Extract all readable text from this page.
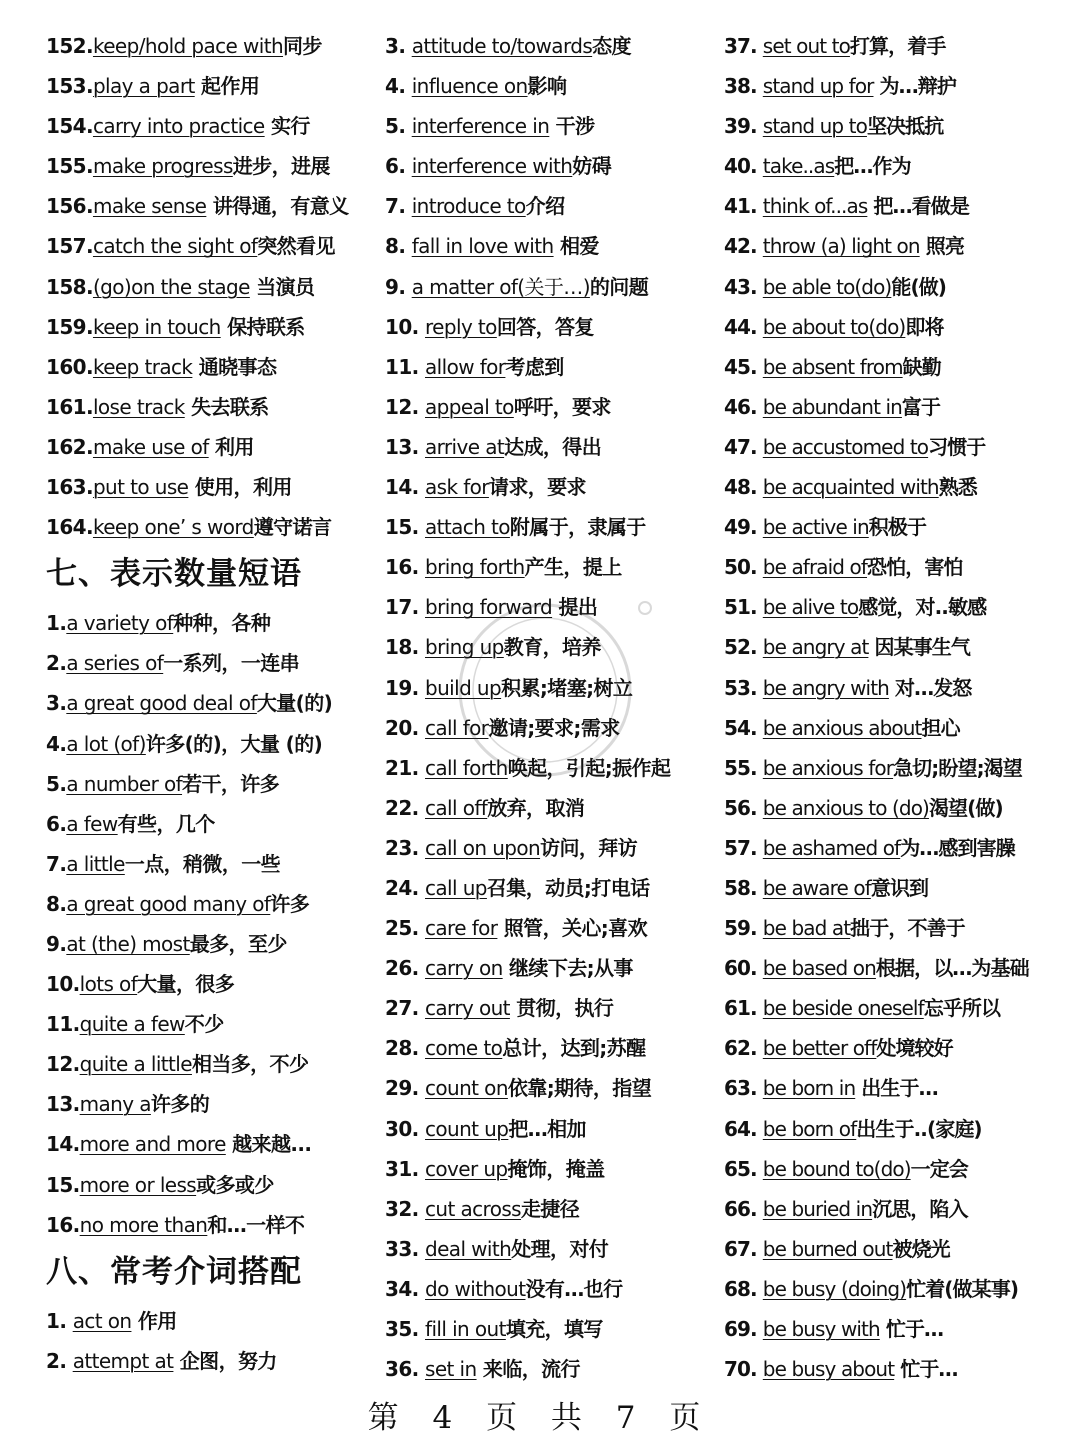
152.keep/hold pace with同步
153.play a part 起作用
154.carry into practice 实行
155.make progress进步，进展
156.make sense 讲得通，有意义
157.catch the sight of突然看见
158.(go)on the stage 当演员
159.keep in touch 保持联系
160.keep track 通晓事态
161.lose track 失去联系
162.make use of 利用
163.put to use 使用，利用
164.keep one’ s word遵守诺言
七、表示数量短语
1.a variety of种种，各种
2.a series of一系列，一连串
3.a great good deal of大量(的)
4.a lot (of)许多(的)，大量 (的)
5.a number of若干，许多
6.a few有些，几个
7.a little一点，稍微，一些
8.a great good many of许多
9.at (the) most最多，至少
10.lots of大量，很多
11.quite a few不少
12.quite a little相当多，不少
13.many a许多的
14.more and more 越来越...
15.more or less或多或少
16.no more than和…一样不
八、常考介词搭配
1. act on 作用
2. attempt at 企图，努力
3. attitude to/towards态度
4. influence on影响
5. interference in 干涉
6. interference with妨碍
7. introduce to介绍
8. fall in love with 相爱
9. a matter of(关于…)的问题
10. reply to回答，答复
11. allow for考虑到
12. appeal to呼吁，要求
13. arrive at达成，得出
14. ask for请求，要求
15. attach to附属于，隶属于
16. bring forth产生，提上
17. bring forward 提出
18. bring up教育，培养
19. build up积累;堵塞;树立
20. call for邀请;要求;需求
21. call forth唤起，引起;振作起
22. call off放弃，取消
23. call on upon访问，拜访
24. call up召集，动员;打电话
25. care for 照管，关心;喜欢
26. carry on 继续下去;从事
27. carry out 贯彻，执行
28. come to总计，达到;苏醒
29. count on依靠;期待，指望
30. count up把…相加
31. cover up掩饰，掩盖
32. cut across走捷径
33. deal with处理，对付
34. do without没有…也行
35. fill in out填充，填写
36. set in 来临，流行
37. set out to打算，着手
38. stand up for 为…辩护
39. stand up to坚决抵抗
40. take..as把…作为
41. think of...as 把…看做是
42. throw (a) light on 照亮
43. be able to(do)能(做)
44. be about to(do)即将
45. be absent from缺勤
46. be abundant in富于
47. be accustomed to习惯于
48. be acquainted with熟悉
49. be active in积极于
50. be afraid of恐怕，害怕
51. be alive to感觉，对..敏感
52. be angry at 因某事生气
53. be angry with 对…发怒
54. be anxious about担心
55. be anxious for急切;盼望;渴望
56. be anxious to (do)渴望(做)
57. be ashamed of为…感到害臊
58. be aware of意识到
59. be bad at拙于，不善于
60. be based on根据，以…为基础
61. be beside oneself忘乎所以
62. be better off处境较好
63. be born in 出生于…
64. be born of出生于..(家庭)
65. be bound to(do)一定会
66. be buried in沉思，陷入
67. be burned out被烧光
68. be busy (doing)忙着(做某事)
69. be busy with 忙于…
70. be busy about 忙于…
第 4 页 共 7 页
